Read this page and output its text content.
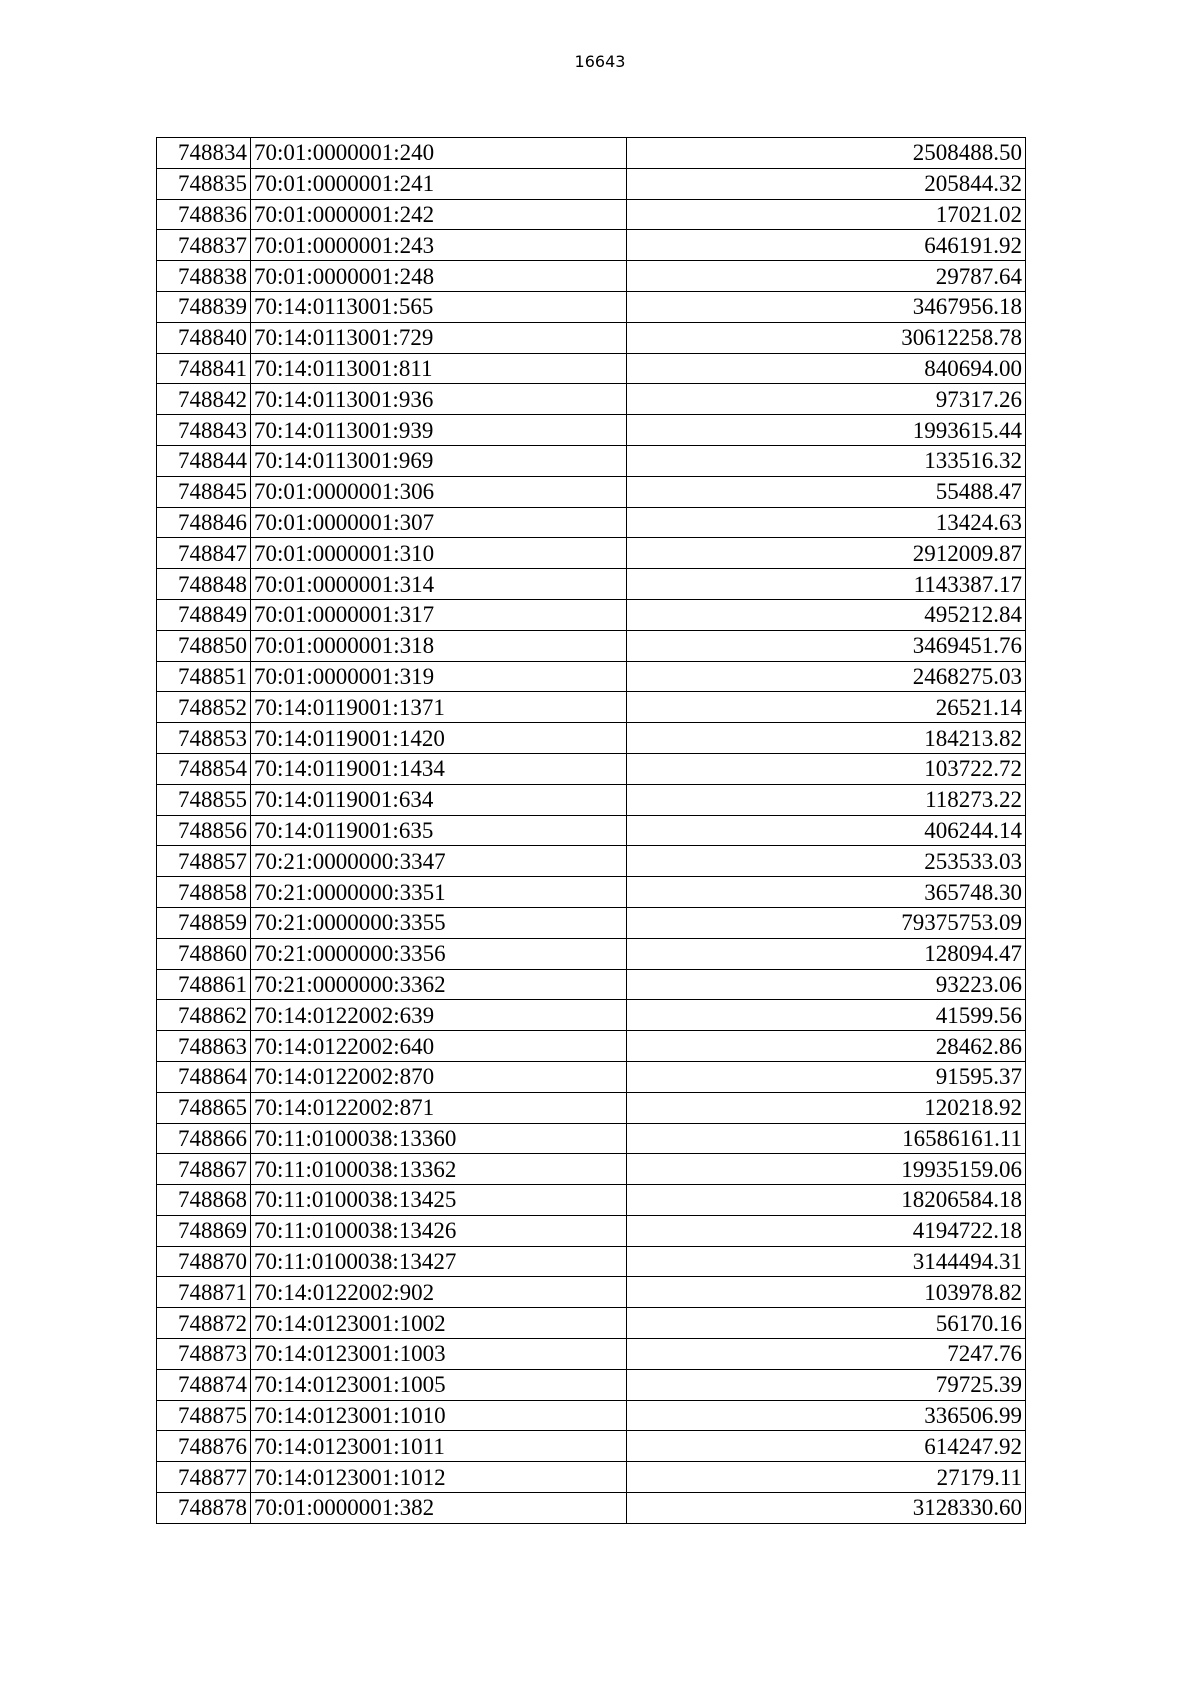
16643
748834	70:01:0000001:240	2508488.50
748835	70:01:0000001:241	205844.32
748836	70:01:0000001:242	17021.02
748837	70:01:0000001:243	646191.92
748838	70:01:0000001:248	29787.64
748839	70:14:0113001:565	3467956.18
748840	70:14:0113001:729	30612258.78
748841	70:14:0113001:811	840694.00
748842	70:14:0113001:936	97317.26
748843	70:14:0113001:939	1993615.44
748844	70:14:0113001:969	133516.32
748845	70:01:0000001:306	55488.47
748846	70:01:0000001:307	13424.63
748847	70:01:0000001:310	2912009.87
748848	70:01:0000001:314	1143387.17
748849	70:01:0000001:317	495212.84
748850	70:01:0000001:318	3469451.76
748851	70:01:0000001:319	2468275.03
748852	70:14:0119001:1371	26521.14
748853	70:14:0119001:1420	184213.82
748854	70:14:0119001:1434	103722.72
748855	70:14:0119001:634	118273.22
748856	70:14:0119001:635	406244.14
748857	70:21:0000000:3347	253533.03
748858	70:21:0000000:3351	365748.30
748859	70:21:0000000:3355	79375753.09
748860	70:21:0000000:3356	128094.47
748861	70:21:0000000:3362	93223.06
748862	70:14:0122002:639	41599.56
748863	70:14:0122002:640	28462.86
748864	70:14:0122002:870	91595.37
748865	70:14:0122002:871	120218.92
748866	70:11:0100038:13360	16586161.11
748867	70:11:0100038:13362	19935159.06
748868	70:11:0100038:13425	18206584.18
748869	70:11:0100038:13426	4194722.18
748870	70:11:0100038:13427	3144494.31
748871	70:14:0122002:902	103978.82
748872	70:14:0123001:1002	56170.16
748873	70:14:0123001:1003	7247.76
748874	70:14:0123001:1005	79725.39
748875	70:14:0123001:1010	336506.99
748876	70:14:0123001:1011	614247.92
748877	70:14:0123001:1012	27179.11
748878	70:01:0000001:382	3128330.60
